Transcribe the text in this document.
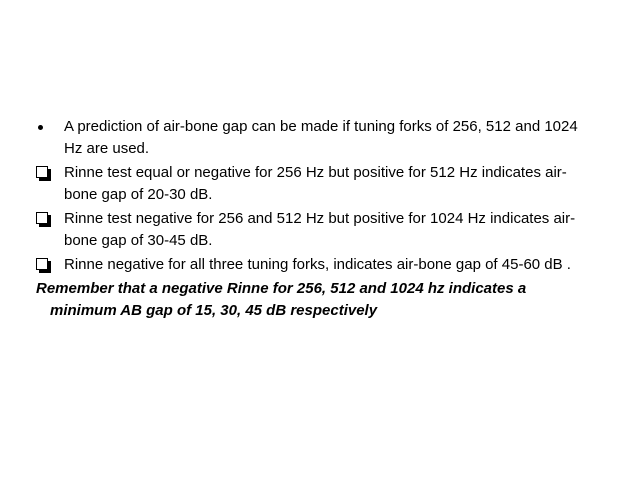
A prediction of air-bone gap can be made if tuning forks of 256, 512 and 1024 Hz are used.
Rinne test equal or negative for 256 Hz but positive for 512 Hz indicates air-bone gap of 20-30 dB.
Rinne test negative for 256 and 512 Hz but positive for 1024 Hz indicates air-bone gap of 30-45 dB.
Rinne negative for all three tuning forks, indicates air-bone gap of 45-60 dB .
Remember that a negative Rinne for 256, 512 and 1024 hz indicates a minimum AB gap of 15, 30, 45 dB respectively
